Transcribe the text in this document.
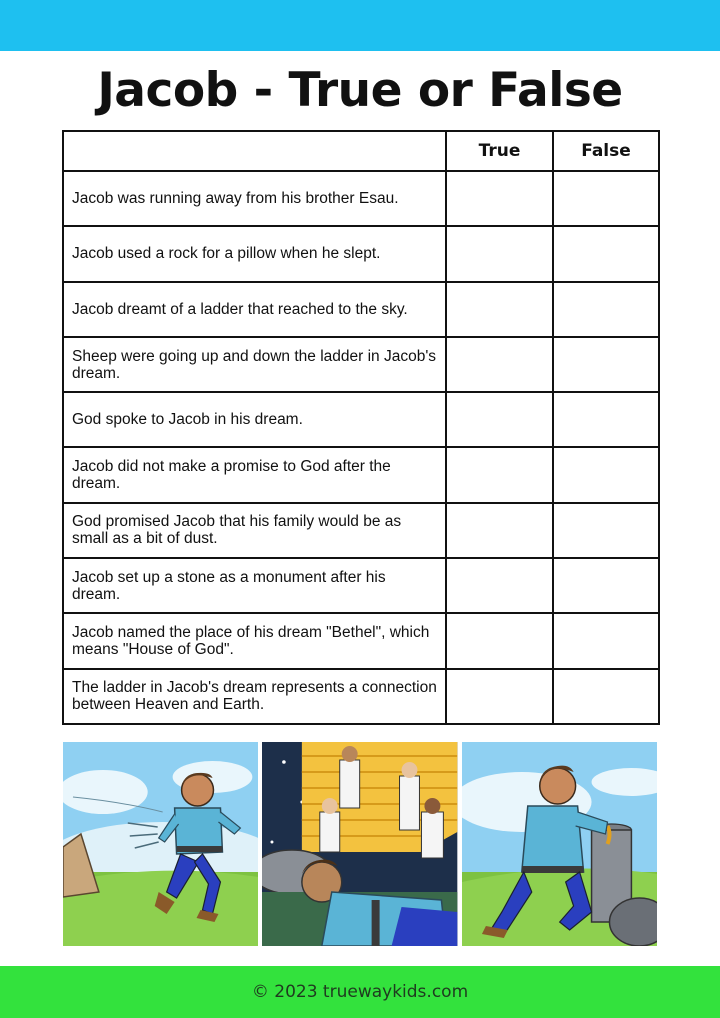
Jacob - True or False
	True	False
Jacob was running away from his brother Esau.		
Jacob used a rock for a pillow when he slept.		
Jacob dreamt of a ladder that reached to the sky.		
Sheep were going up and down the ladder in Jacob's dream.		
God spoke to Jacob in his dream.		
Jacob did not make a promise to God after the dream.		
God promised Jacob that his family would be as small as a bit of dust.		
Jacob set up a stone as a monument after his dream.		
Jacob named the place of his dream "Bethel", which means "House of God".		
The ladder in Jacob's dream represents a connection between Heaven and Earth.		
© 2023 truewaykids.com
